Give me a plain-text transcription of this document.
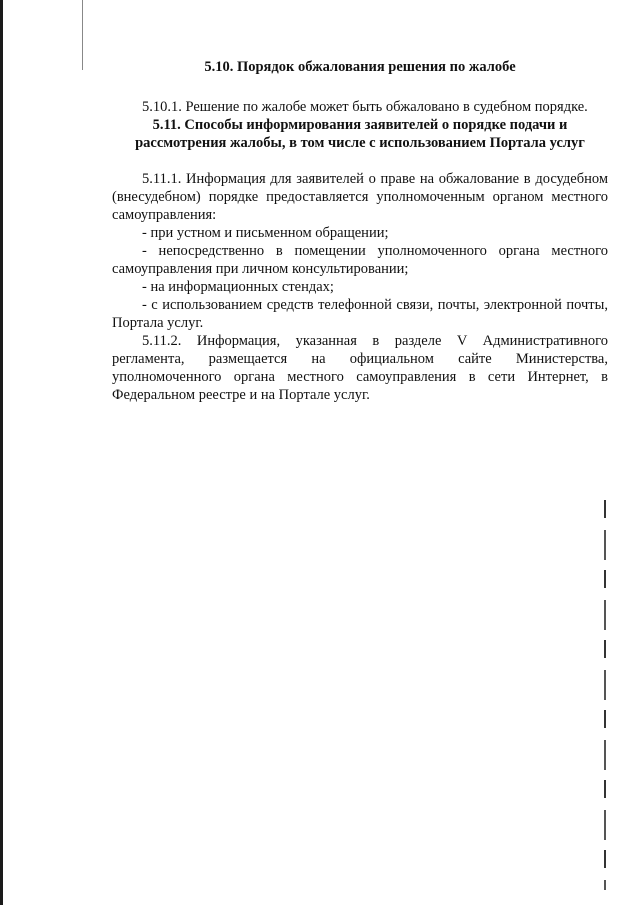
5.10. Порядок обжалования решения по жалобе

5.10.1. Решение по жалобе может быть обжаловано в судебном порядке.

5.11. Способы информирования заявителей о порядке подачи и рассмотрения жалобы, в том числе с использованием Портала услуг

5.11.1. Информация для заявителей о праве на обжалование в досудебном (внесудебном) порядке предоставляется уполномоченным органом местного самоуправления:

- при устном и письменном обращении;

- непосредственно в помещении уполномоченного органа местного самоуправления при личном консультировании;

- на информационных стендах;

- с использованием средств телефонной связи, почты, электронной почты, Портала услуг.

5.11.2. Информация, указанная в разделе V Административного регламента, размещается на официальном сайте Министерства, уполномоченного органа местного самоуправления в сети Интернет, в Федеральном реестре и на Портале услуг.
